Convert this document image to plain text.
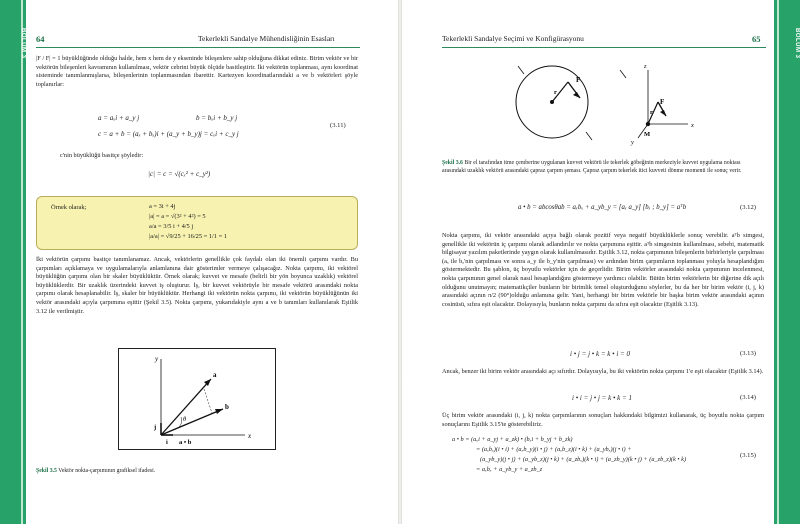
BÖLÜM 3 64	Tekerlekli Sandalye Mühendisliğinin Esasları

|F / F| = 1 büyüklüğünde olduğu halde, hem x hem de y ekseninde bileşenlere sahip olduğuna dikkat ediniz. Birim vektör ve bir vektörün bileşenleri kavramının kullanılması, vektör cebrini büyük ölçüde basitleştirir. İki vektörün toplanması, aynı koordinat sisteminde tanımlanmışlarsa, bileşenlerinin toplanmasından ibarettir. Kartezyen koordinatlarındaki a ve b vektörleri şöyle toplanırlar:

a = aₓi + a_y j	b = bₓi + b_y j
c = a + b = (aₓ + bₓ)i + (a_y + b_y)j = cₓi + c_y j
(3.11)
c'nin büyüklüğü basitçe şöyledir:
|c| = c = √(cₓ² + c_y²)
Örnek olarak;	a = 3i + 4j
|a| = a = √(3² + 4²) = 5
a/a = 3/5 i + 4/5 j
|a/a| = √9/25 + 16/25 = 1/1 = 1

İki vektörün çarpımı basitçe tanımlanamaz. Ancak, vektörlerin genellikle çok faydalı olan iki önemli çarpımı vardır. Bu çarpımları açıklamaya ve uygulamalarıyla anlamlanına dair gösterimler vermeye çalışacağız. Nokta çarpımı, iki vektörel büyüklüğün çarpımı olan bir skaler büyüklüktür. Örnek olarak; kuvvet ve mesafe (belirli bir yön boyunca uzaklık) vektörel büyüklüklerdir. Bir uzaklık üzerindeki kuvvet iş oluşturur. İş, bir kuvvet vektörüyle bir mesafe vektörü arasındaki nokta çarpımı olarak hesaplanabilir. İş, skaler bir büyüklüktür. Herhangi iki vektörün nokta çarpımı, iki vektörün büyüklüğünün iki vektör arasındaki açıyla çarpımına eşittir (Şekil 3.5). Nokta çarpımı, yukarıdakiyle aynı a ve b tanımları kullanılarak Eşitlik 3.12 ile verilmiştir.

y
x
a
b
θ
j
i a • b
Şekil 3.5 Vektör nokta-çarpımının grafiksel ifadesi.
BÖLÜM 3
Tekerlekli Sandalye Seçimi ve Konfigürasyonu	65
F
r
F
r
M
x
z
y
Şekil 3.6 Bir el tarafından itme çemberine uygulanan kuvvet vektörü ile tekerlek göbeğinin merkeziyle kuvvet uygulama noktası arasındaki uzaklık vektörü arasındaki çapraz çarpım şeması. Çapraz çarpım tekerlek itici kuvveti dönme momenti ile sonuç verir.
a • b = abcosθab = aₓbₓ + a_yb_y = [aₓ a_y] [bₓ ; b_y] = aᵀb	(3.12)

Nokta çarpımı, iki vektör arasındaki açıya bağlı olarak pozitif veya negatif büyüklüklerle sonuç verebilir. aᵀb simgesi, genellikle iki vektörün iç çarpımı olarak adlandırılır ve nokta çarpımına eşittir. aᵀb simgesinin kullanılması, sebebi, matematik bilgisayar yazılım paketlerinde yaygın olarak kullanılmasıdır. Eşitlik 3.12, nokta çarpımının bileşenlerin birbirleriyle çarpılması (aₓ ile bₓ'nin çarpılması ve sonra a_y ile b_y'nin çarpılması) ve ardından birim çarpımların toplanması yoluyla hesaplandığını göstermektedir. Bu şablon, üç boyutlu vektörler için de geçerlidir. Birim vektörler arasındaki nokta çarpımının incelenmesi, nokta çarpımının genel olarak nasıl hesaplandığını göstermeye yardımcı olabilir. Bütün birim vektörlerin bir diğerine dik açılı olduğunu unutmayın; matematikçiler bunların bir birimlik temel oluşturduğunu söylerler, bu da her bir birim vektör (i, j, k) arasındaki açının π/2 (90°)olduğu anlamına gelir. Yani, herhangi bir birim vektörle bir başka birim vektör arasındaki açının cosinüsü, sıfıra eşit olacaktır. Dolayısıyla, bunların nokta çarpımı da sıfıra eşit olacaktır (Eşitlik 3.13).

i • j = j • k = k • i = 0	(3.13)

Ancak, benzer iki birim vektör arasındaki açı sıfırdır. Dolayısıyla, bu iki vektörün nokta çarpımı 1'e eşit olacaktır (Eşitlik 3.14).

i • i = j • j = k • k = 1	(3.14)

Üç birim vektör arasındaki (i, j, k) nokta çarpımlarının sonuçları hakkındaki bilgimizi kullanarak, üç boyutlu nokta çarpım sonuçlarını Eşitlik 3.15'te gösterebiliriz.

a • b = (aₓi + a_yj + a_zk) • (bₓi + b_yj + b_zk)
= (aₓbₓ)(i • i) + (aₓb_y)(i • j) + (aₓb_z)(i • k) + (a_ybₓ)(j • i) +
(a_yb_y)(j • j) + (a_yb_z)(j • k) + (a_zbₓ)(k • i) + (a_zb_y)(k • j) + (a_zb_z)(k • k)
= aₓbₓ + a_yb_y + a_zb_z
(3.15)
